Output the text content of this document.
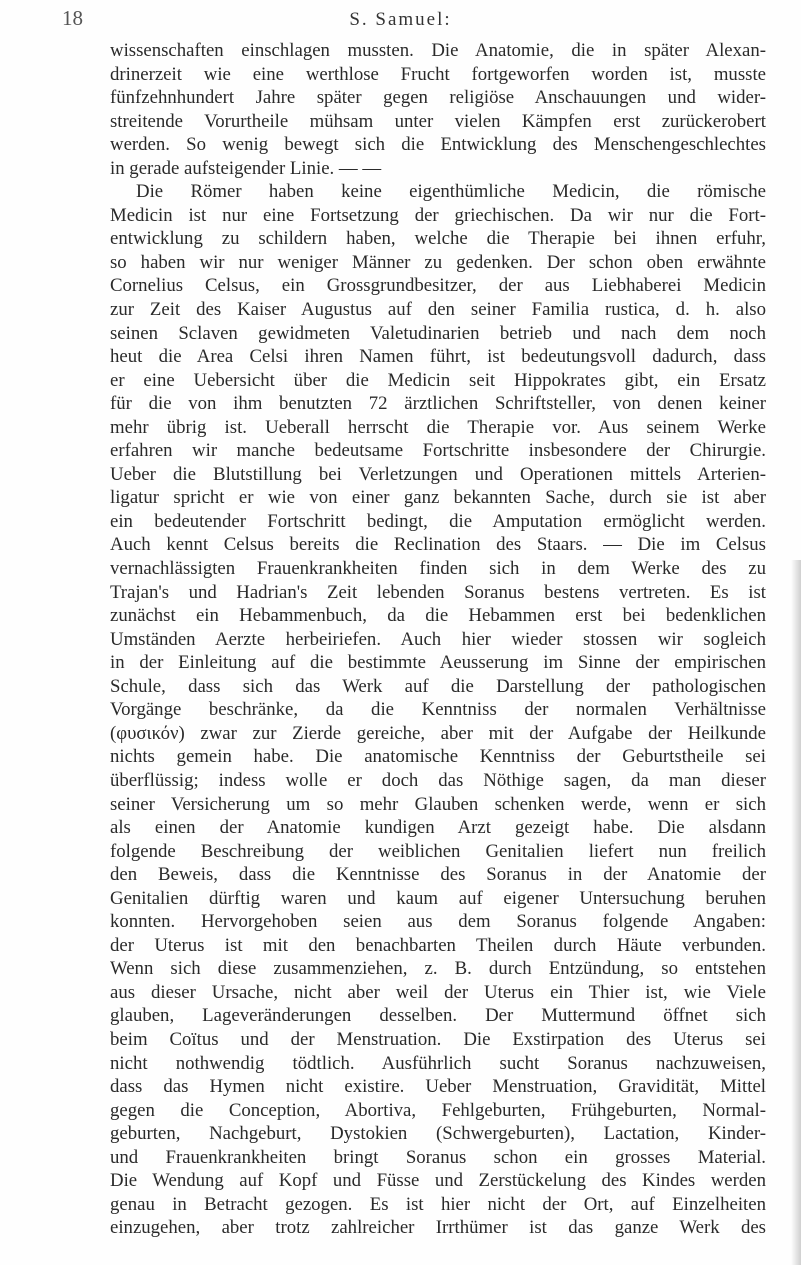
18	S. Samuel:
wissenschaften einschlagen mussten. Die Anatomie, die in später Alexan-
drinerzeit wie eine werthlose Frucht fortgeworfen worden ist, musste
fünfzehnhundert Jahre später gegen religiöse Anschauungen und wider-
streitende Vorurtheile mühsam unter vielen Kämpfen erst zurückerobert
werden. So wenig bewegt sich die Entwicklung des Menschengeschlechtes
in gerade aufsteigender Linie. — —
Die Römer haben keine eigenthümliche Medicin, die römische
Medicin ist nur eine Fortsetzung der griechischen. Da wir nur die Fort-
entwicklung zu schildern haben, welche die Therapie bei ihnen erfuhr,
so haben wir nur weniger Männer zu gedenken. Der schon oben erwähnte
Cornelius Celsus, ein Grossgrundbesitzer, der aus Liebhaberei Medicin
zur Zeit des Kaiser Augustus auf den seiner Familia rustica, d. h. also
seinen Sclaven gewidmeten Valetudinarien betrieb und nach dem noch
heut die Area Celsi ihren Namen führt, ist bedeutungsvoll dadurch, dass
er eine Uebersicht über die Medicin seit Hippokrates gibt, ein Ersatz
für die von ihm benutzten 72 ärztlichen Schriftsteller, von denen keiner
mehr übrig ist. Ueberall herrscht die Therapie vor. Aus seinem Werke
erfahren wir manche bedeutsame Fortschritte insbesondere der Chirurgie.
Ueber die Blutstillung bei Verletzungen und Operationen mittels Arterien-
ligatur spricht er wie von einer ganz bekannten Sache, durch sie ist aber
ein bedeutender Fortschritt bedingt, die Amputation ermöglicht werden.
Auch kennt Celsus bereits die Reclination des Staars. — Die im Celsus
vernachlässigten Frauenkrankheiten finden sich in dem Werke des zu
Trajan's und Hadrian's Zeit lebenden Soranus bestens vertreten. Es ist
zunächst ein Hebammenbuch, da die Hebammen erst bei bedenklichen
Umständen Aerzte herbeiriefen. Auch hier wieder stossen wir sogleich
in der Einleitung auf die bestimmte Aeusserung im Sinne der empirischen
Schule, dass sich das Werk auf die Darstellung der pathologischen
Vorgänge beschränke, da die Kenntniss der normalen Verhältnisse
(φυσικόν) zwar zur Zierde gereiche, aber mit der Aufgabe der Heilkunde
nichts gemein habe. Die anatomische Kenntniss der Geburtstheile sei
überflüssig; indess wolle er doch das Nöthige sagen, da man dieser
seiner Versicherung um so mehr Glauben schenken werde, wenn er sich
als einen der Anatomie kundigen Arzt gezeigt habe. Die alsdann
folgende Beschreibung der weiblichen Genitalien liefert nun freilich
den Beweis, dass die Kenntnisse des Soranus in der Anatomie der
Genitalien dürftig waren und kaum auf eigener Untersuchung beruhen
konnten. Hervorgehoben seien aus dem Soranus folgende Angaben:
der Uterus ist mit den benachbarten Theilen durch Häute verbunden.
Wenn sich diese zusammenziehen, z. B. durch Entzündung, so entstehen
aus dieser Ursache, nicht aber weil der Uterus ein Thier ist, wie Viele
glauben, Lageveränderungen desselben. Der Muttermund öffnet sich
beim Coïtus und der Menstruation. Die Exstirpation des Uterus sei
nicht nothwendig tödtlich. Ausführlich sucht Soranus nachzuweisen,
dass das Hymen nicht existire. Ueber Menstruation, Gravidität, Mittel
gegen die Conception, Abortiva, Fehlgeburten, Frühgeburten, Normal-
geburten, Nachgeburt, Dystokien (Schwergeburten), Lactation, Kinder-
und Frauenkrankheiten bringt Soranus schon ein grosses Material.
Die Wendung auf Kopf und Füsse und Zerstückelung des Kindes werden
genau in Betracht gezogen. Es ist hier nicht der Ort, auf Einzelheiten
einzugehen, aber trotz zahlreicher Irrthümer ist das ganze Werk des
